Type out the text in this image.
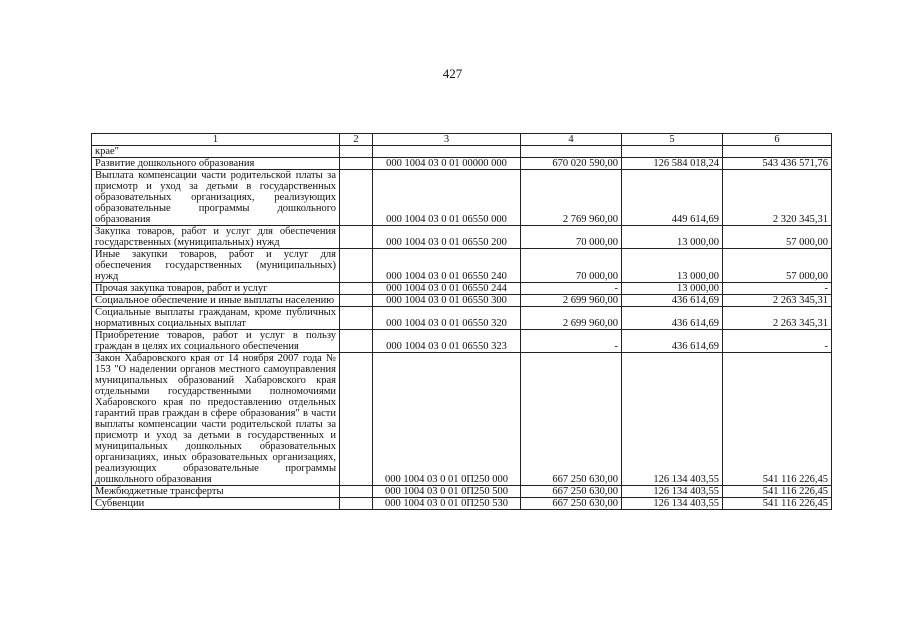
427
1	2	3	4	5	6
крае"					
Развитие дошкольного образования		000 1004 03 0 01 00000 000	670 020 590,00	126 584 018,24	543 436 571,76
Выплата компенсации части родительской платы за присмотр и уход за детьми в государственных образовательных организациях, реализующих образовательные программы дошкольного образования		000 1004 03 0 01 06550 000	2 769 960,00	449 614,69	2 320 345,31
Закупка товаров, работ и услуг для обеспечения государственных (муниципальных) нужд		000 1004 03 0 01 06550 200	70 000,00	13 000,00	57 000,00
Иные закупки товаров, работ и услуг для обеспечения государственных (муниципальных) нужд		000 1004 03 0 01 06550 240	70 000,00	13 000,00	57 000,00
Прочая закупка товаров, работ и услуг		000 1004 03 0 01 06550 244	-	13 000,00	-
Социальное обеспечение и иные выплаты населению		000 1004 03 0 01 06550 300	2 699 960,00	436 614,69	2 263 345,31
Социальные выплаты гражданам, кроме публичных нормативных социальных выплат		000 1004 03 0 01 06550 320	2 699 960,00	436 614,69	2 263 345,31
Приобретение товаров, работ и услуг в пользу граждан в целях их социального обеспечения		000 1004 03 0 01 06550 323	-	436 614,69	-
Закон Хабаровского края от 14 ноября 2007 года № 153 "О наделении органов местного самоуправления муниципальных образований Хабаровского края отдельными государственными полномочиями Хабаровского края по предоставлению отдельных гарантий прав граждан в сфере образования" в части выплаты компенсации части родительской платы за присмотр и уход за детьми в государственных и муниципальных дошкольных образовательных организациях, иных образовательных организациях, реализующих образовательные программы дошкольного образования		000 1004 03 0 01 0П250 000	667 250 630,00	126 134 403,55	541 116 226,45
Межбюджетные трансферты		000 1004 03 0 01 0П250 500	667 250 630,00	126 134 403,55	541 116 226,45
Субвенции		000 1004 03 0 01 0П250 530	667 250 630,00	126 134 403,55	541 116 226,45
